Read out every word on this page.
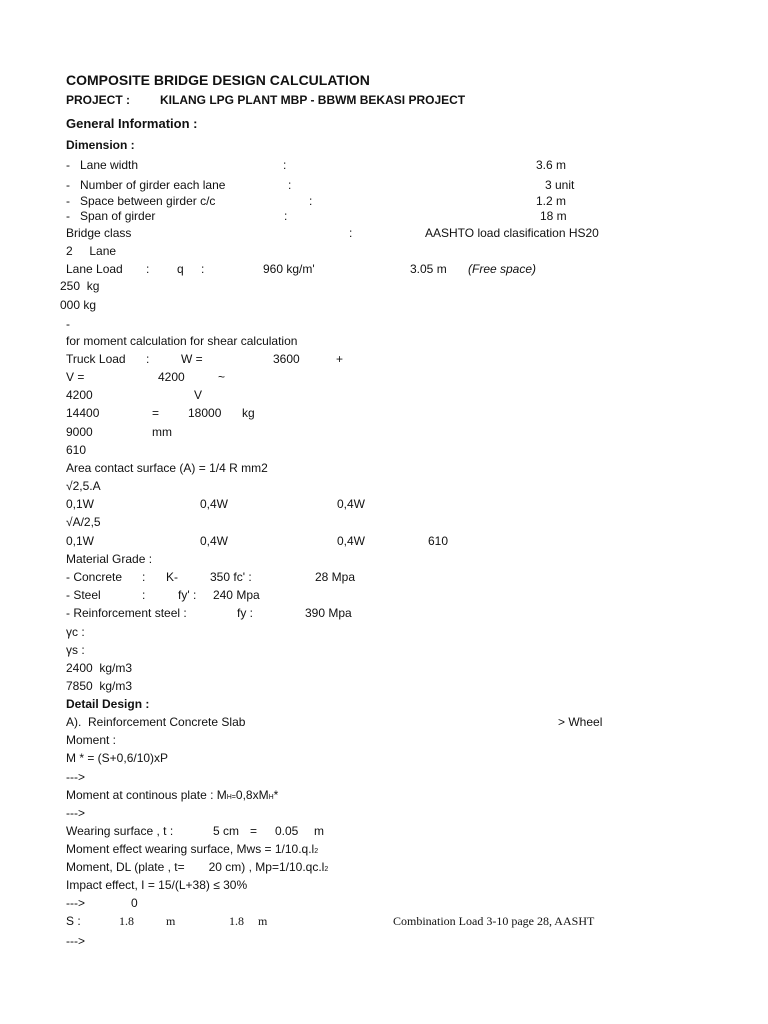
COMPOSITE BRIDGE DESIGN CALCULATION
PROJECT : KILANG LPG PLANT MBP - BBWM BEKASI PROJECT
General Information :
Dimension :
-   Lane width	:	3.6 m
-   Number of girder each lane	:	3 unit
-   Space between girder c/c	:	1.2 m
-   Span of girder	:	18 m
Bridge class	:	AASHTO load clasification HS20
2     Lane
Lane Load : q :	960 kg/m'	3.05 m (Free space)
250  kg
000 kg
-
for moment calculation for shear calculation
Truck Load :	W =	3600	+
V =	4200	~
4200	V
14400	= 18000 kg
9000	mm
610
Area contact surface (A) = 1/4 R mm2
√2,5.A
0,1W	0,4W	0,4W
√A/2,5
0,1W	0,4W	0,4W	610
Material Grade :
- Concrete : K-	350 fc' :	28 Mpa
- Steel	:	fy' :     240 Mpa
- Reinforcement steel :	fy :	390 Mpa
γc :
γs :
2400  kg/m3
7850  kg/m3
Detail Design :
A).  Reinforcement Concrete Slab	> Wheel
Moment :
M * = (S+0,6/10)xP
--->
Moment at continous plate : MH=0,8xMH*
--->
Wearing surface , t :	5 cm = 0.05 m
Moment effect wearing surface, Mws = 1/10.q.l2
Moment, DL (plate , t= 20 cm) , Mp=1/10.qc.l2
Impact effect, I = 15/(L+38) ≤ 30%
--->	0
S :	1.8	m	1.8 m	Combination Load 3-10 page 28, AASHT
--->
